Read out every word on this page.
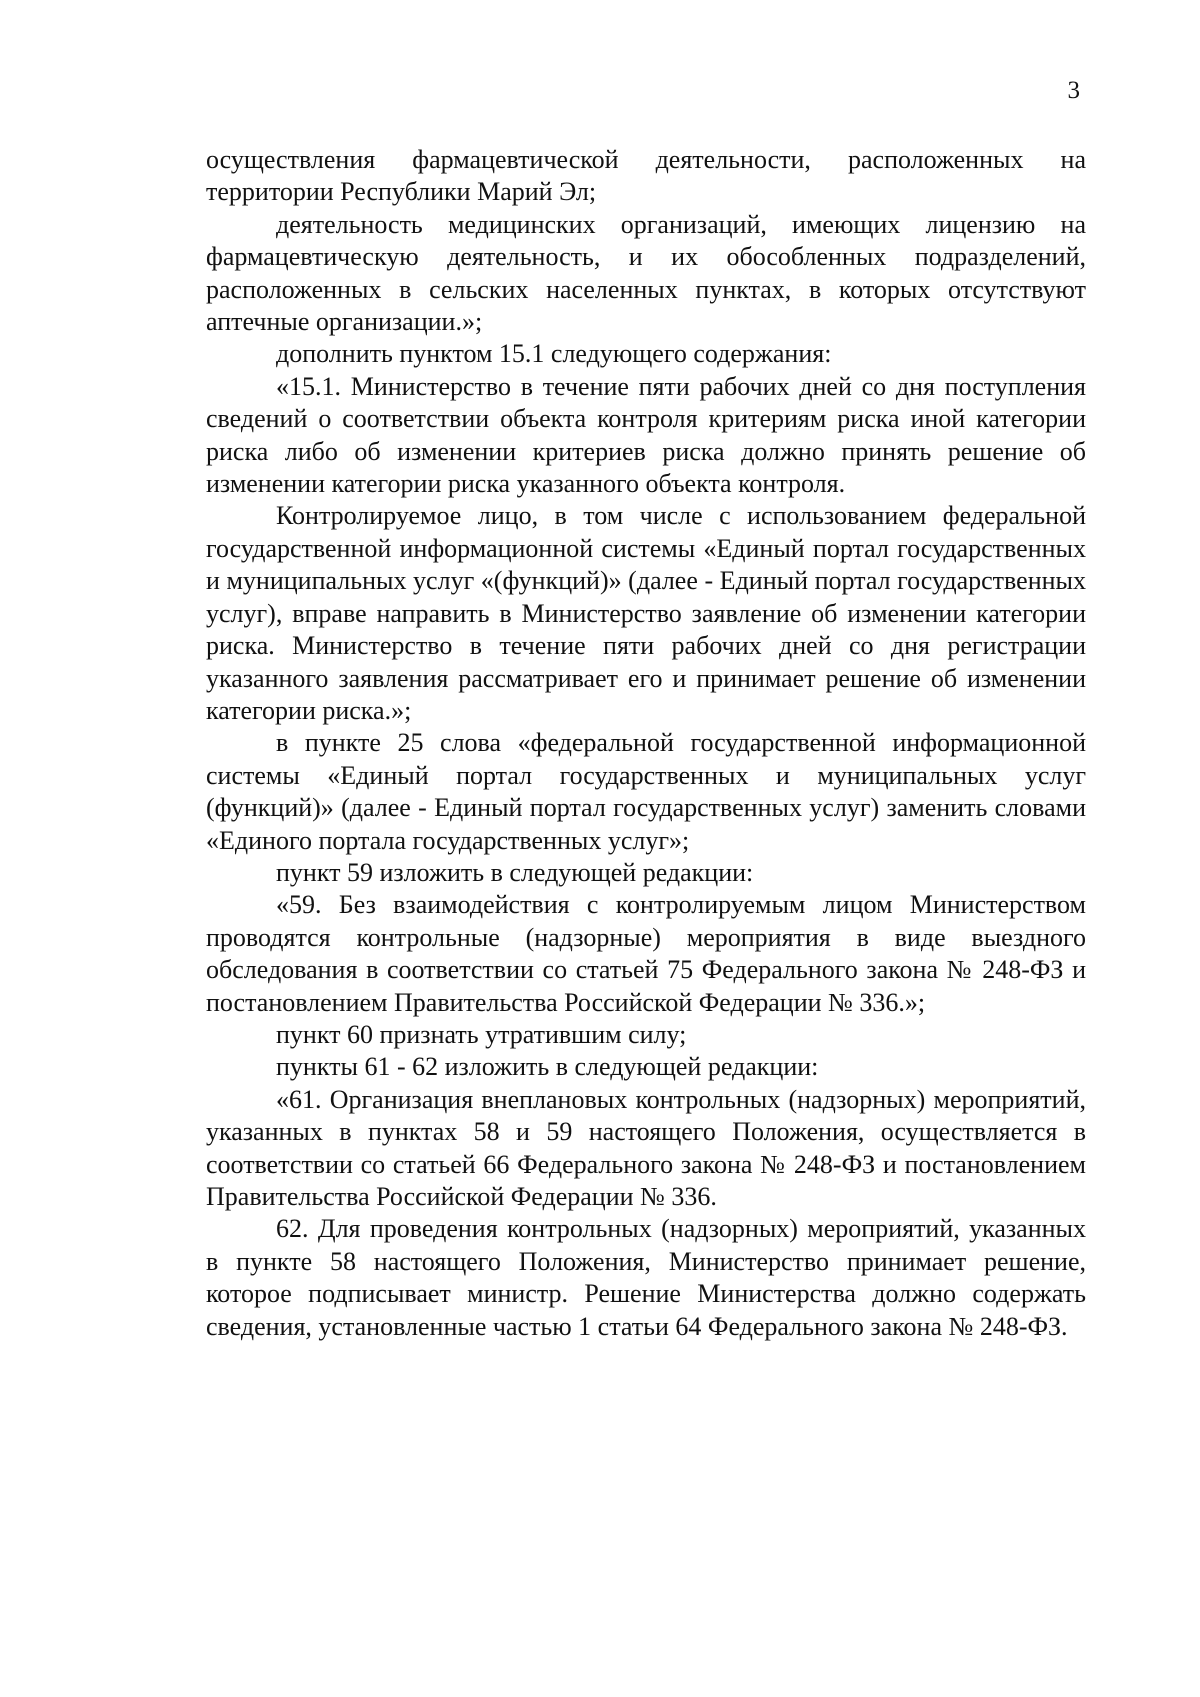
3

осуществления фармацевтической деятельности, расположенных на территории Республики Марий Эл;

деятельность медицинских организаций, имеющих лицензию на фармацевтическую деятельность, и их обособленных подразделений, расположенных в сельских населенных пунктах, в которых отсутствуют аптечные организации.»;

дополнить пунктом 15.1 следующего содержания:

«15.1. Министерство в течение пяти рабочих дней со дня поступления сведений о соответствии объекта контроля критериям риска иной категории риска либо об изменении критериев риска должно принять решение об изменении категории риска указанного объекта контроля.

Контролируемое лицо, в том числе с использованием федеральной государственной информационной системы «Единый портал государственных и муниципальных услуг «(функций)» (далее - Единый портал государственных услуг), вправе направить в Министерство заявление об изменении категории риска. Министерство в течение пяти рабочих дней со дня регистрации указанного заявления рассматривает его и принимает решение об изменении категории риска.»;

в пункте 25 слова «федеральной государственной информационной системы «Единый портал государственных и муниципальных услуг (функций)» (далее - Единый портал государственных услуг) заменить словами «Единого портала государственных услуг»;

пункт 59 изложить в следующей редакции:

«59. Без взаимодействия с контролируемым лицом Министерством проводятся контрольные (надзорные) мероприятия в виде выездного обследования в соответствии со статьей 75 Федерального закона № 248-ФЗ и постановлением Правительства Российской Федерации № 336.»;

пункт 60 признать утратившим силу;

пункты 61 - 62 изложить в следующей редакции:

«61. Организация внеплановых контрольных (надзорных) мероприятий, указанных в пунктах 58 и 59 настоящего Положения, осуществляется в соответствии со статьей 66 Федерального закона № 248-ФЗ и постановлением Правительства Российской Федерации № 336.

62. Для проведения контрольных (надзорных) мероприятий, указанных в пункте 58 настоящего Положения, Министерство принимает решение, которое подписывает министр. Решение Министерства должно содержать сведения, установленные частью 1 статьи 64 Федерального закона № 248-ФЗ.
